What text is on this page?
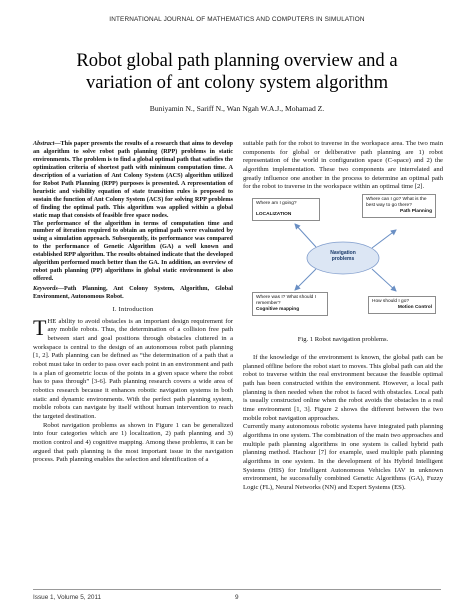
INTERNATIONAL JOURNAL OF MATHEMATICS AND COMPUTERS IN SIMULATION
Robot global path planning overview and a
variation of ant colony system algorithm
Buniyamin N., Sariff N., Wan Ngah W.A.J., Mohamad Z.

Abstract—This paper presents the results of a research that aims to develop an algorithm to solve robot path planning (RPP) problems in static environments. The problem is to find a global optimal path that satisfies the optimization criteria of shortest path with minimum computation time. A description of a variation of Ant Colony System (ACS) algorithm utilized for Robot Path Planning (RPP) purposes is presented. A representation of heuristic and visibility equation of state transition rules is proposed to sustain the function of Ant Colony System (ACS) for solving RPP problems of finding the optimal path. This algorithm was applied within a global static map that consists of feasible free space nodes.

The performance of the algorithm in terms of computation time and number of iteration required to obtain an optimal path were evaluated by using a simulation approach. Subsequently, its performance was compared to the performance of Genetic Algorithm (GA) a well known and established RPP algorithm. The results obtained indicate that the developed algorithm performed much better than the GA. In addition, an overview of robot path planning (PP) algorithms in global static environment is also offered.

Keywords—Path Planning, Ant Colony System, Algorithm, Global Environment, Autonomous Robot.

I. Introduction

THE ability to avoid obstacles is an important design requirement for any mobile robots. Thus, the determination of a collision free path between start and goal positions through obstacles cluttered in a workspace is central to the design of an autonomous robot path planning [1, 2]. Path planning can be defined as “the determination of a path that a robot must take in order to pass over each point in an environment and path is a plan of geometric locus of the points in a given space where the robot has to pass through” [3-6]. Path planning research covers a wide area of robotics research because it enhances robotic navigation systems in both static and dynamic environments. With the perfect path planning system, mobile robots can navigate by itself without human intervention to reach the targeted destination.

Robot navigation problems as shown in Figure 1 can be generalized into four categories which are 1) localization, 2) path planning and 3) motion control and 4) cognitive mapping. Among these problems, it can be argued that path planning is the most important issue in the navigation process. Path planning enables the selection and identification of a

suitable path for the robot to traverse in the workspace area. The two main components for global or deliberative path planning are 1) robot representation of the world in configuration space (C-space) and 2) the algorithm implementation. These two components are interrelated and greatly influence one another in the process to determine an optimal path for the robot to traverse in the workspace within an optimal time [2].

Navigation problems
Where am I going?
LOCALIZATION
Where can I go? What is the best way to go there?
Path Planning
Where was I? What should I remember?
Cognitive mapping
How should I go?
Motion Control
Fig. 1 Robot navigation problems.

If the knowledge of the environment is known, the global path can be planned offline before the robot start to moves. This global path can aid the robot to traverse within the real environment because the feasible optimal path has been constructed within the environment. However, a local path planning is then needed when the robot is faced with obstacles. Local path is usually constructed online when the robot avoids the obstacles in a real time environment [1, 3]. Figure 2 shows the different between the two mobile robot navigation approaches.

Currently many autonomous robotic systems have integrated path planning algorithms in one system. The combination of the main two approaches and multiple path planning algorithms in one system is called hybrid path planning method. Hachour [7] for example, used multiple path planning algorithms in one system. In the development of his Hybrid Intelligent Systems (HIS) for Intelligent Autonomous Vehicles IAV in unknown environment, he successfully combined Genetic Algorithms (GA), Fuzzy Logic (FL), Neural Networks (NN) and Expert Systems (ES).

Issue 1, Volume 5, 2011	9
